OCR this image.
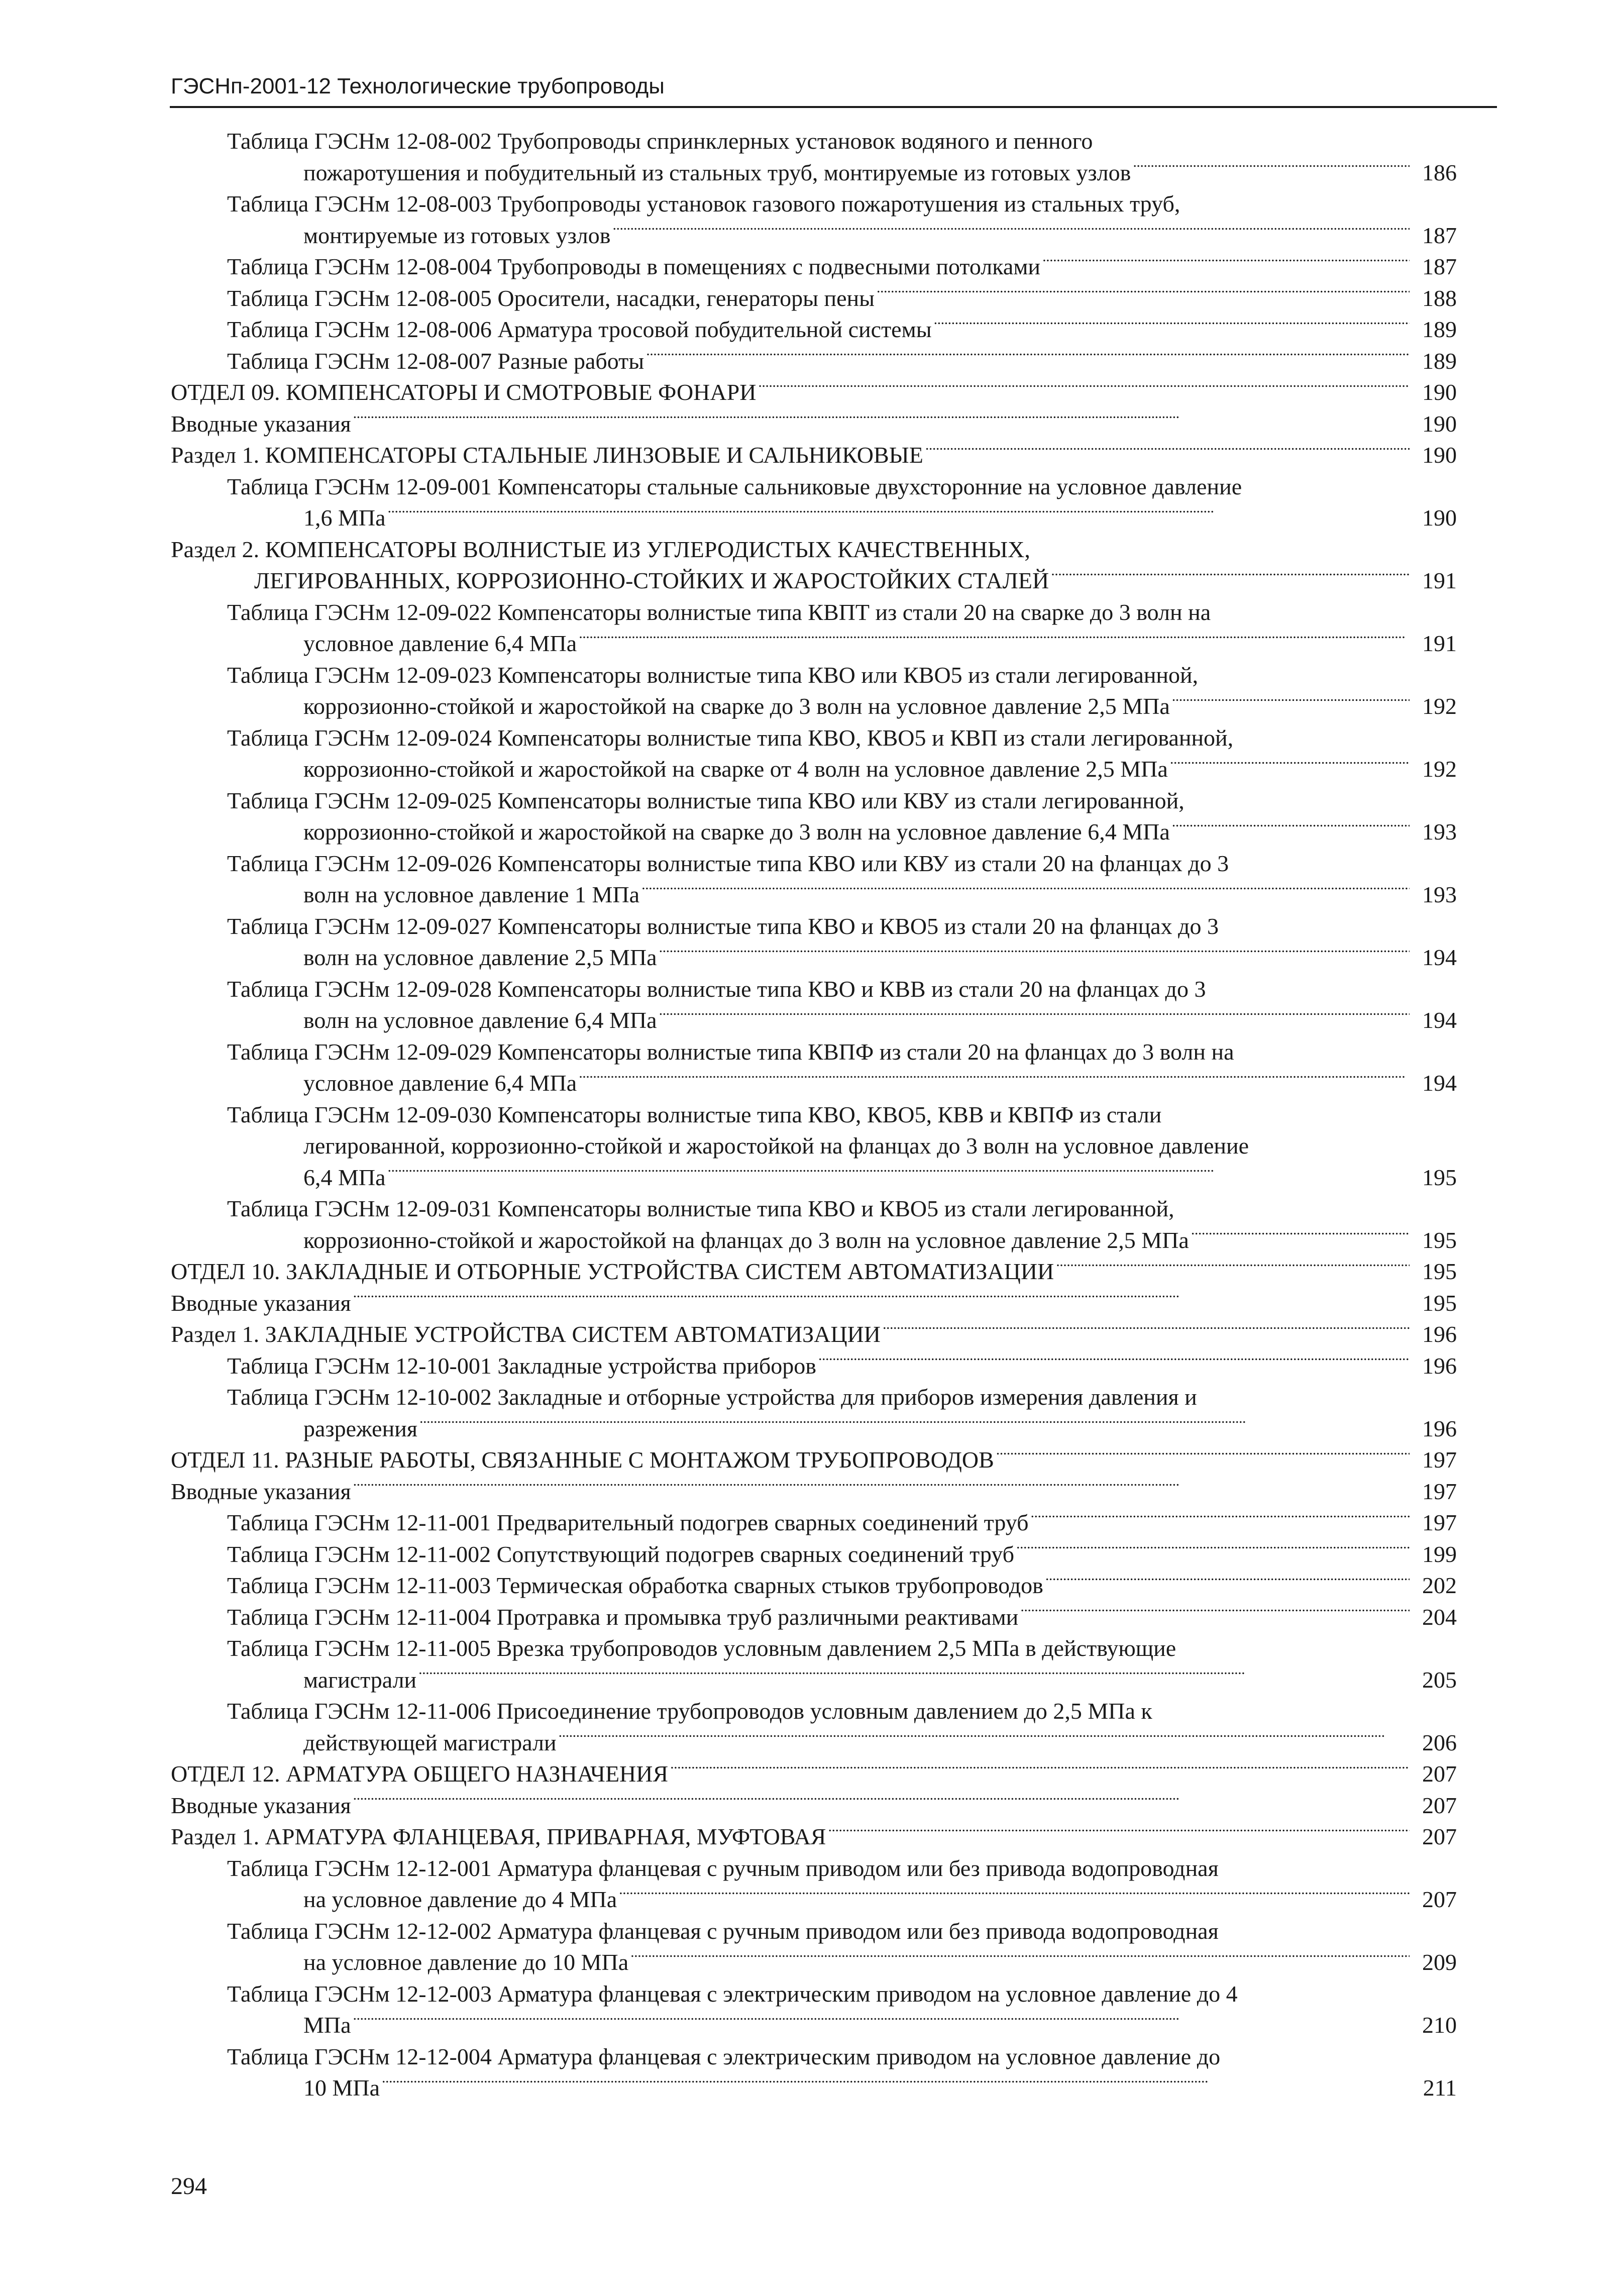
ГЭСНп-2001-12 Технологические трубопроводы
Таблица ГЭСНм 12-08-002 Трубопроводы спринклерных установок водяного и пенного
пожаротушения и побудительный из стальных труб, монтируемые из готовых узлов . . .	186
Таблица ГЭСНм 12-08-003 Трубопроводы установок газового пожаротушения из стальных труб,
монтируемые из готовых узлов . . .	187
Таблица ГЭСНм 12-08-004 Трубопроводы в помещениях с подвесными потолками . . .	187
Таблица ГЭСНм 12-08-005 Оросители, насадки, генераторы пены . . .	188
Таблица ГЭСНм 12-08-006 Арматура тросовой побудительной системы . . .	189
Таблица ГЭСНм 12-08-007 Разные работы . . .	189
ОТДЕЛ 09. КОМПЕНСАТОРЫ И СМОТРОВЫЕ ФОНАРИ . . .	190
Вводные указания . . .	190
Раздел 1. КОМПЕНСАТОРЫ СТАЛЬНЫЕ ЛИНЗОВЫЕ И САЛЬНИКОВЫЕ . . .	190
Таблица ГЭСНм 12-09-001 Компенсаторы стальные сальниковые двухсторонние на условное давление
1,6 МПа . . .	190
Раздел 2. КОМПЕНСАТОРЫ ВОЛНИСТЫЕ ИЗ УГЛЕРОДИСТЫХ КАЧЕСТВЕННЫХ,
ЛЕГИРОВАННЫХ, КОРРОЗИОННО-СТОЙКИХ И ЖАРОСТОЙКИХ СТАЛЕЙ . . .	191
Таблица ГЭСНм 12-09-022 Компенсаторы волнистые типа КВПТ из стали 20 на сварке до 3 волн на
условное давление 6,4 МПа . . .	191
Таблица ГЭСНм 12-09-023 Компенсаторы волнистые типа КВО или КВО5 из стали легированной,
коррозионно-стойкой и жаростойкой на сварке до 3 волн на условное давление 2,5 МПа . . .	192
Таблица ГЭСНм 12-09-024 Компенсаторы волнистые типа КВО, КВО5 и КВП из стали легированной,
коррозионно-стойкой и жаростойкой на сварке от 4 волн на условное давление 2,5 МПа . . .	192
Таблица ГЭСНм 12-09-025 Компенсаторы волнистые типа КВО или КВУ из стали легированной,
коррозионно-стойкой и жаростойкой на сварке до 3 волн на условное давление 6,4 МПа . . .	193
Таблица ГЭСНм 12-09-026 Компенсаторы волнистые типа КВО или КВУ из стали 20 на фланцах до 3
волн на условное давление 1 МПа . . .	193
Таблица ГЭСНм 12-09-027 Компенсаторы волнистые типа КВО и КВО5 из стали 20 на фланцах до 3
волн на условное давление 2,5 МПа . . .	194
Таблица ГЭСНм 12-09-028 Компенсаторы волнистые типа КВО и КВВ из стали 20 на фланцах до 3
волн на условное давление 6,4 МПа . . .	194
Таблица ГЭСНм 12-09-029 Компенсаторы волнистые типа КВПФ из стали 20 на фланцах до 3 волн на
условное давление 6,4 МПа . . .	194
Таблица ГЭСНм 12-09-030 Компенсаторы волнистые типа КВО, КВО5, КВВ и КВПФ из стали
легированной, коррозионно-стойкой и жаростойкой на фланцах до 3 волн на условное давление
6,4 МПа . . .	195
Таблица ГЭСНм 12-09-031 Компенсаторы волнистые типа КВО и КВО5 из стали легированной,
коррозионно-стойкой и жаростойкой на фланцах до 3 волн на условное давление 2,5 МПа . . .	195
ОТДЕЛ 10. ЗАКЛАДНЫЕ И ОТБОРНЫЕ УСТРОЙСТВА СИСТЕМ АВТОМАТИЗАЦИИ . . .	195
Вводные указания . . .	195
Раздел 1. ЗАКЛАДНЫЕ УСТРОЙСТВА СИСТЕМ АВТОМАТИЗАЦИИ . . .	196
Таблица ГЭСНм 12-10-001 Закладные устройства приборов . . .	196
Таблица ГЭСНм 12-10-002 Закладные и отборные устройства для приборов измерения давления и
разрежения . . .	196
ОТДЕЛ 11. РАЗНЫЕ РАБОТЫ, СВЯЗАННЫЕ С МОНТАЖОМ ТРУБОПРОВОДОВ . . .	197
Вводные указания . . .	197
Таблица ГЭСНм 12-11-001 Предварительный подогрев сварных соединений труб . . .	197
Таблица ГЭСНм 12-11-002 Сопутствующий подогрев сварных соединений труб . . .	199
Таблица ГЭСНм 12-11-003 Термическая обработка сварных стыков трубопроводов . . .	202
Таблица ГЭСНм 12-11-004 Протравка и промывка труб различными реактивами . . .	204
Таблица ГЭСНм 12-11-005 Врезка трубопроводов условным давлением 2,5 МПа в действующие
магистрали . . .	205
Таблица ГЭСНм 12-11-006 Присоединение трубопроводов условным давлением до 2,5 МПа к
действующей магистрали . . .	206
ОТДЕЛ 12. АРМАТУРА ОБЩЕГО НАЗНАЧЕНИЯ . . .	207
Вводные указания . . .	207
Раздел 1. АРМАТУРА ФЛАНЦЕВАЯ, ПРИВАРНАЯ, МУФТОВАЯ . . .	207
Таблица ГЭСНм 12-12-001 Арматура фланцевая с ручным приводом или без привода водопроводная
на условное давление до 4 МПа . . .	207
Таблица ГЭСНм 12-12-002 Арматура фланцевая с ручным приводом или без привода водопроводная
на условное давление до 10 МПа . . .	209
Таблица ГЭСНм 12-12-003 Арматура фланцевая с электрическим приводом на условное давление до 4
МПа . . .	210
Таблица ГЭСНм 12-12-004 Арматура фланцевая с электрическим приводом на условное давление до
10 МПа . . .	211
294
